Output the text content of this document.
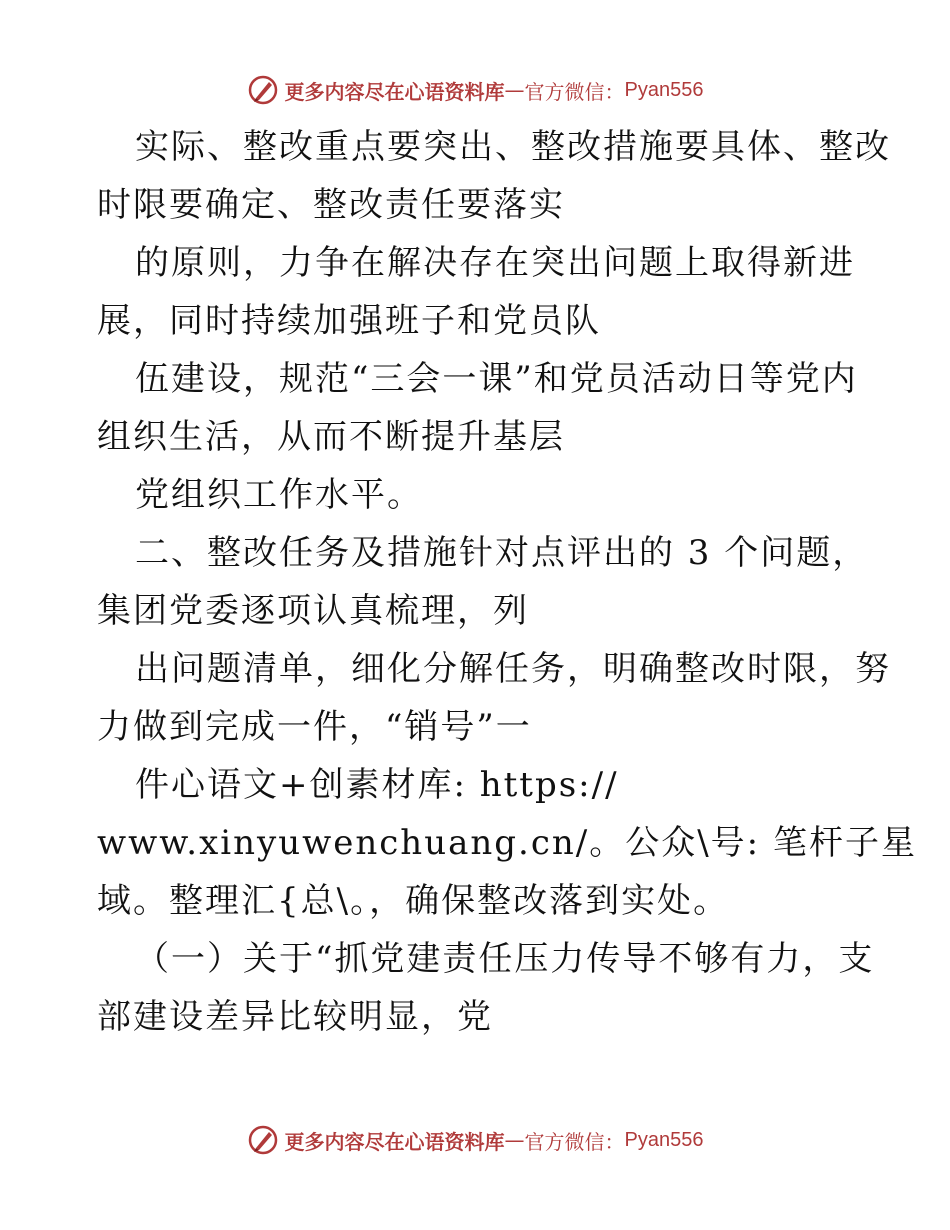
更多内容尽在心语资料库 — 官方微信： Pyan556
实际、整改重点要突出、整改措施要具体、整改
时限要确定、整改责任要落实
的原则，力争在解决存在突出问题上取得新进
展，同时持续加强班子和党员队
伍建设，规范“三会一课”和党员活动日等党内
组织生活，从而不断提升基层
党组织工作水平。
二、整改任务及措施针对点评出的 3 个问题，
集团党委逐项认真梳理，列
出问题清单，细化分解任务，明确整改时限，努
力做到完成一件，“销号”一
件心语文+创素材库: https://
www.xinyuwenchuang.cn/。公众\号: 笔杆子星
域。整理汇{总\。，确保整改落到实处。
（一）关于“抓党建责任压力传导不够有力，支
部建设差异比较明显，党
更多内容尽在心语资料库 — 官方微信： Pyan556
